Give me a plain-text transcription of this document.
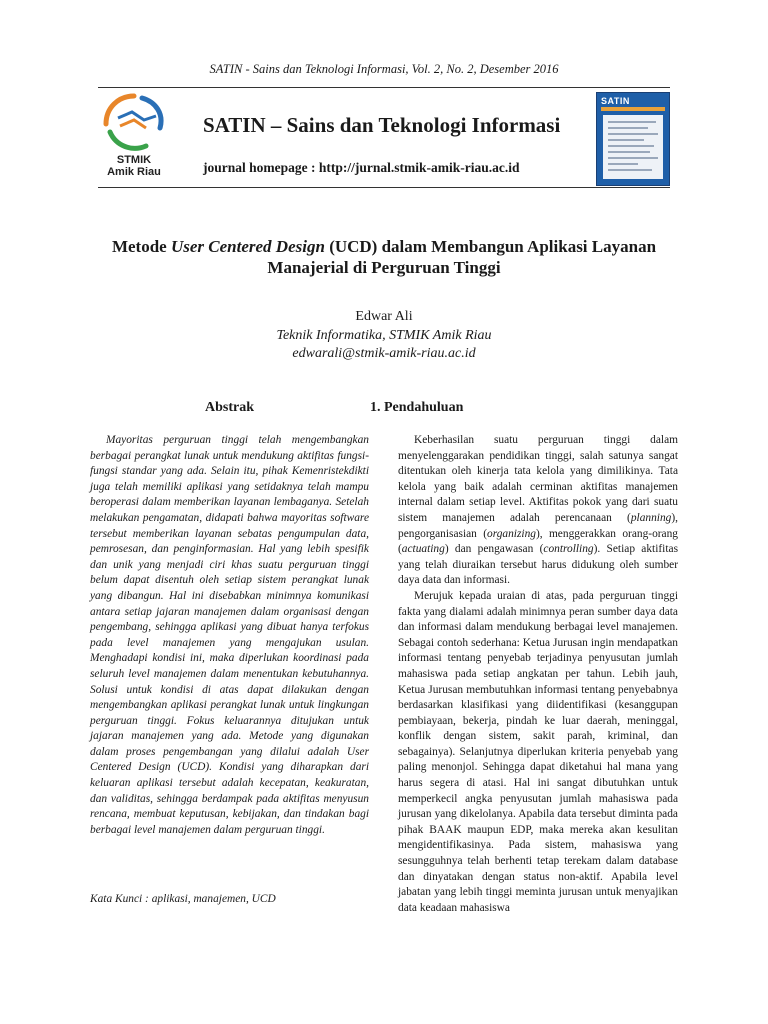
SATIN - Sains dan Teknologi Informasi, Vol. 2, No. 2, Desember 2016
STMIK
Amik Riau
SATIN – Sains dan Teknologi Informasi
journal homepage : http://jurnal.stmik-amik-riau.ac.id
SATIN
Metode User Centered Design (UCD) dalam Membangun Aplikasi Layanan
Manajerial di Perguruan Tinggi
Edwar Ali
Teknik Informatika, STMIK Amik Riau
edwarali@stmik-amik-riau.ac.id
Abstrak	1. Pendahuluan

Mayoritas perguruan tinggi telah mengembangkan berbagai perangkat lunak untuk mendukung aktifitas fungsi-fungsi standar yang ada. Selain itu, pihak Kemenristekdikti juga telah memiliki aplikasi yang setidaknya telah mampu beroperasi dalam memberikan layanan lembaganya. Setelah melakukan pengamatan, didapati bahwa mayoritas software tersebut memberikan layanan sebatas pengumpulan data, pemrosesan, dan penginformasian. Hal yang lebih spesifik dan unik yang menjadi ciri khas suatu perguruan tinggi belum dapat disentuh oleh setiap sistem perangkat lunak yang dibangun. Hal ini disebabkan minimnya komunikasi antara setiap jajaran manajemen dalam organisasi dengan pengembang, sehingga aplikasi yang dibuat hanya terfokus pada level manajemen yang mengajukan usulan. Menghadapi kondisi ini, maka diperlukan koordinasi pada seluruh level manajemen dalam menentukan kebutuhannya. Solusi untuk kondisi di atas dapat dilakukan dengan mengembangkan aplikasi perangkat lunak untuk lingkungan perguruan tinggi. Fokus keluarannya ditujukan untuk jajaran manajemen yang ada. Metode yang digunakan dalam proses pengembangan yang dilalui adalah User Centered Design (UCD). Kondisi yang diharapkan dari keluaran aplikasi tersebut adalah kecepatan, keakuratan, dan validitas, sehingga berdampak pada aktifitas menyusun rencana, membuat keputusan, kebijakan, dan tindakan bagi berbagai level manajemen dalam perguruan tinggi.

Kata Kunci : aplikasi, manajemen, UCD

Keberhasilan suatu perguruan tinggi dalam menyelenggarakan pendidikan tinggi, salah satunya sangat ditentukan oleh kinerja tata kelola yang dimilikinya. Tata kelola yang baik adalah cerminan aktifitas manajemen internal dalam setiap level. Aktifitas pokok yang dari suatu sistem manajemen adalah perencanaan (planning), pengorganisasian (organizing), menggerakkan orang-orang (actuating) dan pengawasan (controlling). Setiap aktifitas yang telah diuraikan tersebut harus didukung oleh sumber daya data dan informasi.

Merujuk kepada uraian di atas, pada perguruan tinggi fakta yang dialami adalah minimnya peran sumber daya data dan informasi dalam mendukung berbagai level manajemen. Sebagai contoh sederhana: Ketua Jurusan ingin mendapatkan informasi tentang penyebab terjadinya penyusutan jumlah mahasiswa pada setiap angkatan per tahun. Lebih jauh, Ketua Jurusan membutuhkan informasi tentang penyebabnya berdasarkan klasifikasi yang diidentifikasi (kesanggupan pembiayaan, bekerja, pindah ke luar daerah, meninggal, konflik dengan sistem, sakit parah, kriminal, dan sebagainya). Selanjutnya diperlukan kriteria penyebab yang paling menonjol. Sehingga dapat diketahui hal mana yang harus segera di atasi. Hal ini sangat dibutuhkan untuk memperkecil angka penyusutan jumlah mahasiswa pada jurusan yang dikelolanya. Apabila data tersebut diminta pada pihak BAAK maupun EDP, maka mereka akan kesulitan mengidentifikasinya. Pada sistem, mahasiswa yang sesungguhnya telah berhenti tetap terekam dalam database dan dinyatakan dengan status non-aktif. Apabila level jabatan yang lebih tinggi meminta jurusan untuk menyajikan data keadaan mahasiswa
